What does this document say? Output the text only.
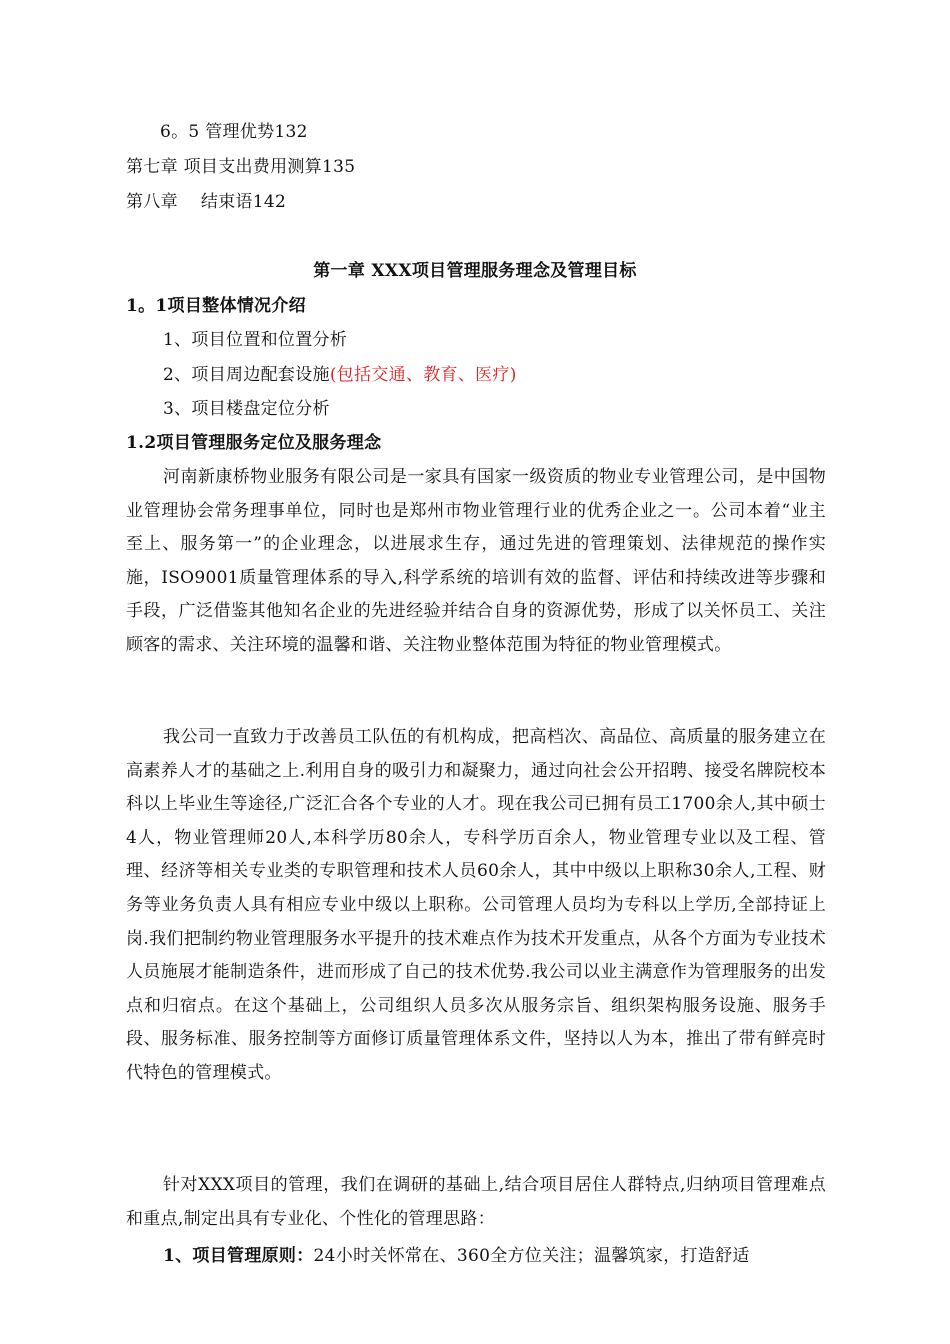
6。5 管理优势132

第七章 项目支出费用测算135

第八章　 结束语142

第一章 XXX项目管理服务理念及管理目标

1。1项目整体情况介绍

1、项目位置和位置分析

2、项目周边配套设施(包括交通、教育、医疗)

3、项目楼盘定位分析

1.2项目管理服务定位及服务理念

河南新康桥物业服务有限公司是一家具有国家一级资质的物业专业管理公司，是中国物业管理协会常务理事单位，同时也是郑州市物业管理行业的优秀企业之一。公司本着“业主至上、服务第一”的企业理念，以进展求生存，通过先进的管理策划、法律规范的操作实施，ISO9001质量管理体系的导入,科学系统的培训有效的监督、评估和持续改进等步骤和手段，广泛借鉴其他知名企业的先进经验并结合自身的资源优势，形成了以关怀员工、关注顾客的需求、关注环境的温馨和谐、关注物业整体范围为特征的物业管理模式。

我公司一直致力于改善员工队伍的有机构成，把高档次、高品位、高质量的服务建立在高素养人才的基础之上.利用自身的吸引力和凝聚力，通过向社会公开招聘、接受名牌院校本科以上毕业生等途径,广泛汇合各个专业的人才。现在我公司已拥有员工1700余人,其中硕士4人，物业管理师20人,本科学历80余人，专科学历百余人，物业管理专业以及工程、管理、经济等相关专业类的专职管理和技术人员60余人，其中中级以上职称30余人,工程、财务等业务负责人具有相应专业中级以上职称。公司管理人员均为专科以上学历,全部持证上岗.我们把制约物业管理服务水平提升的技术难点作为技术开发重点，从各个方面为专业技术人员施展才能制造条件，进而形成了自己的技术优势.我公司以业主满意作为管理服务的出发点和归宿点。在这个基础上，公司组织人员多次从服务宗旨、组织架构服务设施、服务手段、服务标准、服务控制等方面修订质量管理体系文件，坚持以人为本，推出了带有鲜亮时代特色的管理模式。

针对XXX项目的管理，我们在调研的基础上,结合项目居住人群特点,归纳项目管理难点和重点,制定出具有专业化、个性化的管理思路：

1、项目管理原则：24小时关怀常在、360全方位关注；温馨筑家，打造舒适
